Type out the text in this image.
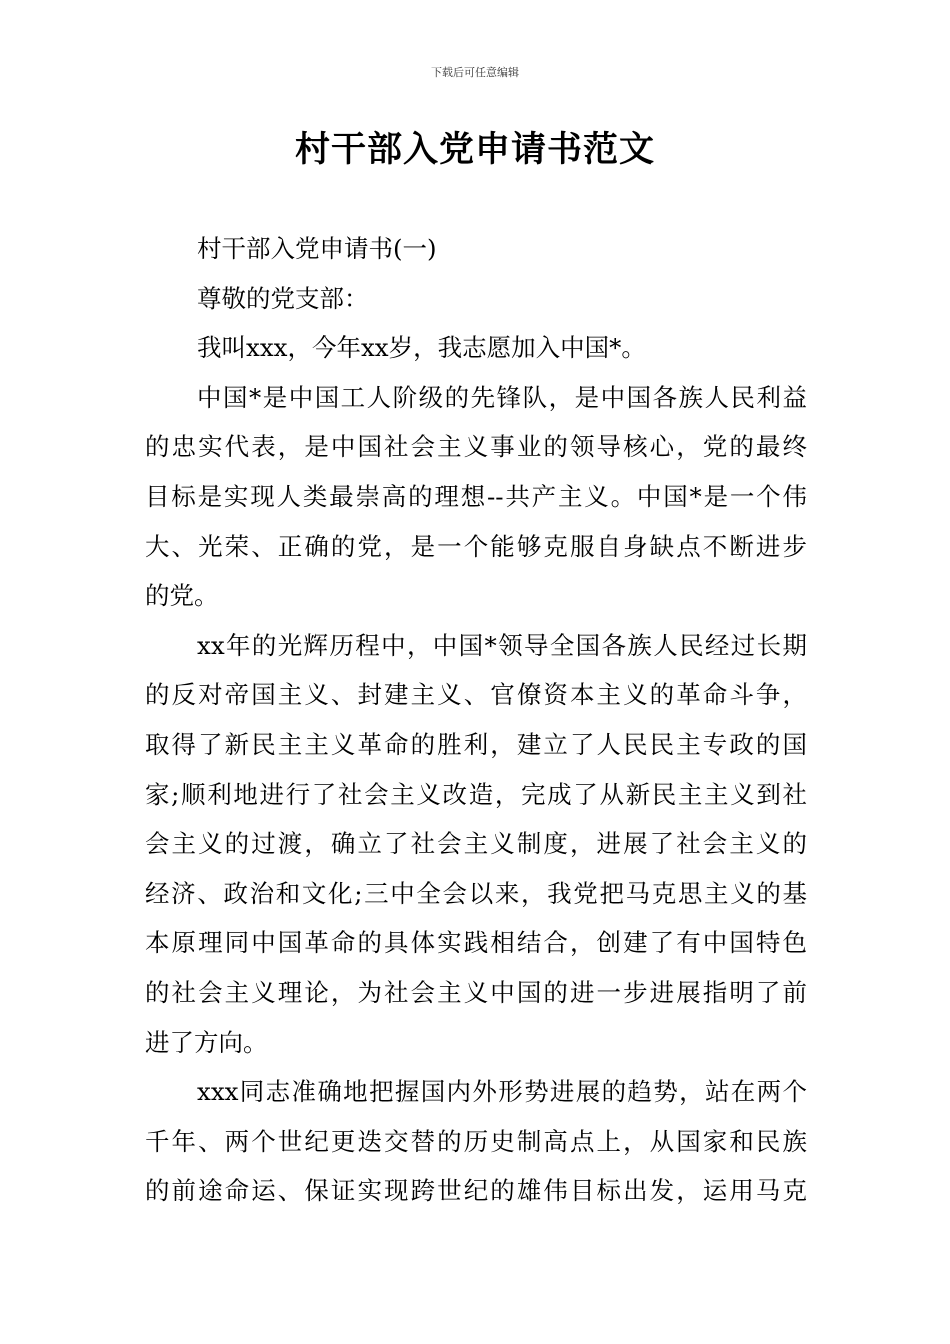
下载后可任意编辑
村干部入党申请书范文
村干部入党申请书(一)
尊敬的党支部：
我叫xxx，今年xx岁，我志愿加入中国*。
中国*是中国工人阶级的先锋队，是中国各族人民利益
的忠实代表，是中国社会主义事业的领导核心，党的最终
目标是实现人类最崇高的理想--共产主义。中国*是一个伟
大、光荣、正确的党，是一个能够克服自身缺点不断进步
的党。
xx年的光辉历程中，中国*领导全国各族人民经过长期
的反对帝国主义、封建主义、官僚资本主义的革命斗争，
取得了新民主主义革命的胜利，建立了人民民主专政的国
家;顺利地进行了社会主义改造，完成了从新民主主义到社
会主义的过渡，确立了社会主义制度，进展了社会主义的
经济、政治和文化;三中全会以来，我党把马克思主义的基
本原理同中国革命的具体实践相结合，创建了有中国特色
的社会主义理论，为社会主义中国的进一步进展指明了前
进了方向。
xxx同志准确地把握国内外形势进展的趋势，站在两个
千年、两个世纪更迭交替的历史制高点上，从国家和民族
的前途命运、保证实现跨世纪的雄伟目标出发，运用马克
